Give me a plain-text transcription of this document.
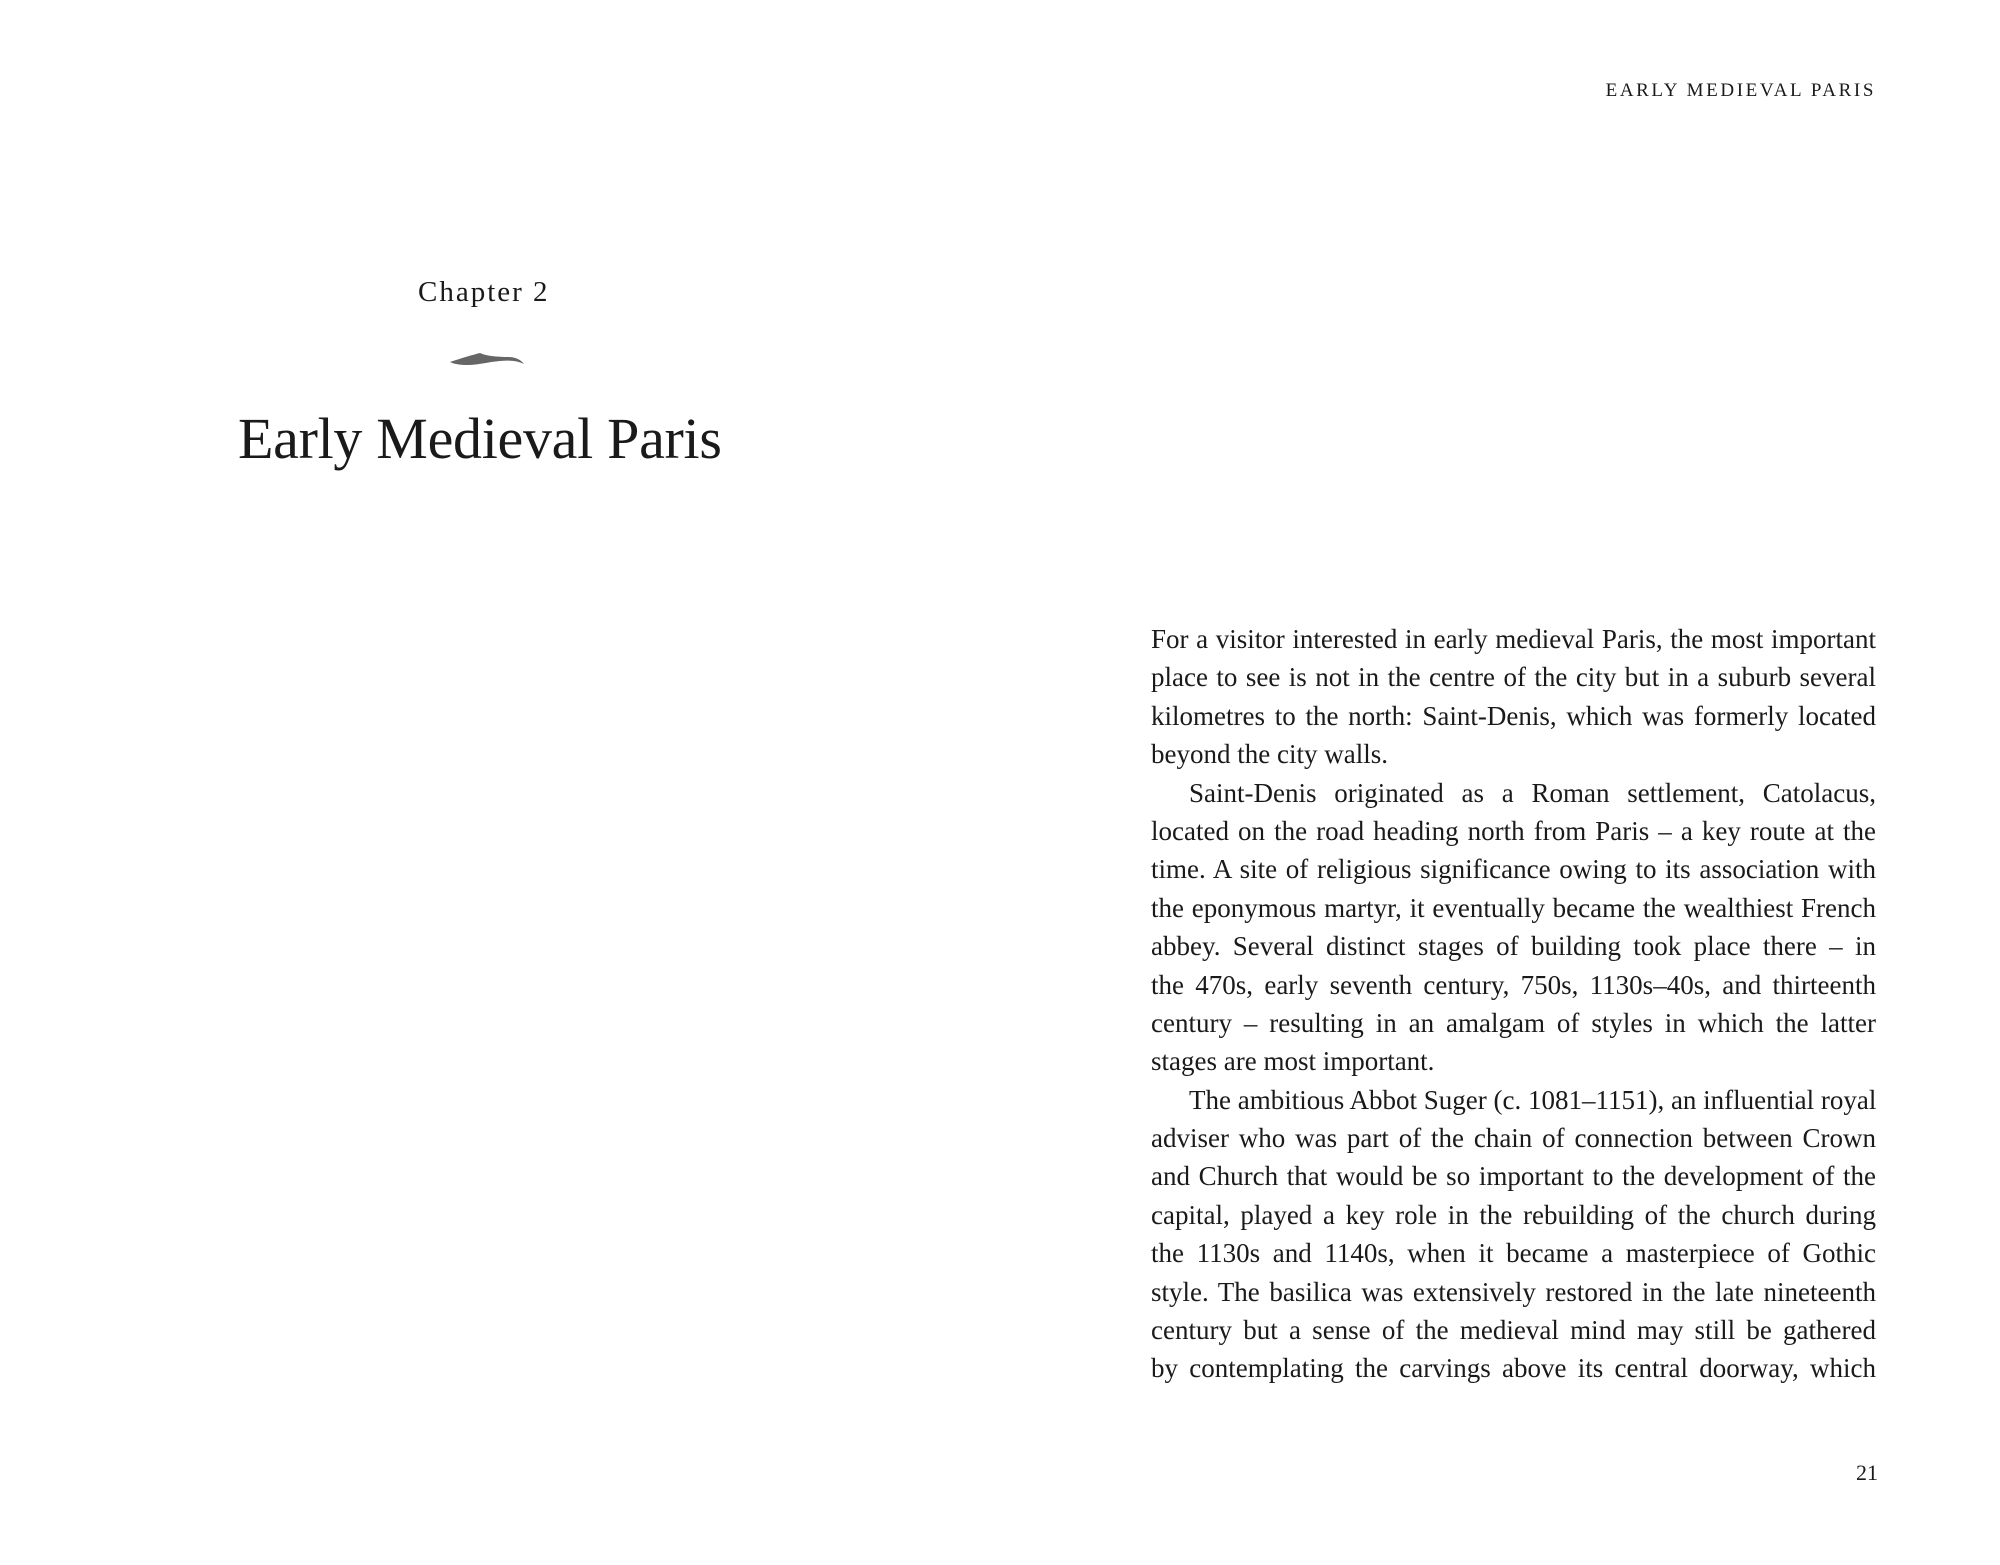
EARLY MEDIEVAL PARIS
Chapter 2
Early Medieval Paris
For a visitor interested in early medieval Paris, the most important
place to see is not in the centre of the city but in a suburb several
kilometres to the north: Saint-Denis, which was formerly located
beyond the city walls.
Saint-Denis originated as a Roman settlement, Catolacus,
located on the road heading north from Paris – a key route at the
time. A site of religious significance owing to its association with
the eponymous martyr, it eventually became the wealthiest French
abbey. Several distinct stages of building took place there – in
the 470s, early seventh century, 750s, 1130s–40s, and thirteenth
century – resulting in an amalgam of styles in which the latter
stages are most important.
The ambitious Abbot Suger (c. 1081–1151), an influential royal
adviser who was part of the chain of connection between Crown
and Church that would be so important to the development of the
capital, played a key role in the rebuilding of the church during
the 1130s and 1140s, when it became a masterpiece of Gothic
style. The basilica was extensively restored in the late nineteenth
century but a sense of the medieval mind may still be gathered
by contemplating the carvings above its central doorway, which
21
